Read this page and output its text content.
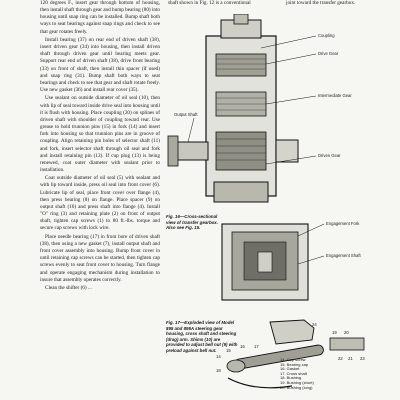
120 degrees F., insert gear through bottom of housing, then install shaft through gear and bump bearing (80) into housing until snap ring can be installed. Bump shaft both ways to seat bearings against snap rings and check to see that gear rotates freely.

Install bearing (37) on rear end of driven shaft (38), insert driven gear (34) into housing, then install driven shaft through driven gear until bearing meets gear. Support rear end of driven shaft (38), drive front bearing (33) on front of shaft, then install thin spacer (if used) and snap ring (31). Bump shaft both ways to seat bearings and check to see that gear and shaft rotate freely. Use new gasket (36) and install rear cover (35).

Use sealant on outside diameter of oil seal (10), then with lip of seal toward inside drive seal into housing until it is flush with housing. Place coupling (20) on splines of driven shaft with shoulder of coupling toward rear. Use grease to hold trunnion pins (15) in fork (14) and insert fork into housing so that trunnion pins are in groove of coupling. Align retaining pin holes of selector shaft (11) and fork, insert selector shaft through oil seal and fork and install retaining pin (12). If cup plug (13) is being renewed, coat outer diameter with sealant prior to installation.

Coat outside diameter of oil seal (5) with sealant and with lip toward inside, press oil seal into front cover (6). Lubricate lip of seal, place front cover over flange (4), then press bearing (8) on flange. Place spacer (9) on output shaft (16) and press shaft into flange (4). Install "O" ring (3) and retaining plate (2) on front of output shaft, tighten cap screws (1) to 80 ft.-lbs. torque and secure cap screws with lock wire.

Place needle bearing (17) in front bore of driven shaft (38), then using a new gasket (7), install output shaft and front cover assembly into housing. Bump front cover in until retaining cap screws can be started, then tighten cap screws evenly to seat front cover to housing. Turn flange and operate engaging mechanism during installation to insure that assembly operates correctly.

Clean the shifter (6) ...

shaft shown in Fig. 12 is a conventional	joint toward the transfer gearbox.
Coupling
Drive Gear
Intermediate Gear
Output Shaft
Driven Gear
Fig. 16—Cross-sectional view of transfer gearbox. Also see Fig. 15.
Engagement Fork
Engagement Shaft
Fig. 17—Exploded view of Model 895 and 895A steering gear housing, cross shaft and steering (drag) arm. Shims (10) are provided to adjust bell nut (9) with preload against bell nut.
14
15
16 17
18
19 20
21
22	23
24
14. Cap screw
15. Bearing cap
16. Gasket
17. Cross shaft
18. Bushing
19. Bushing (short)
20. Bushing (long)
